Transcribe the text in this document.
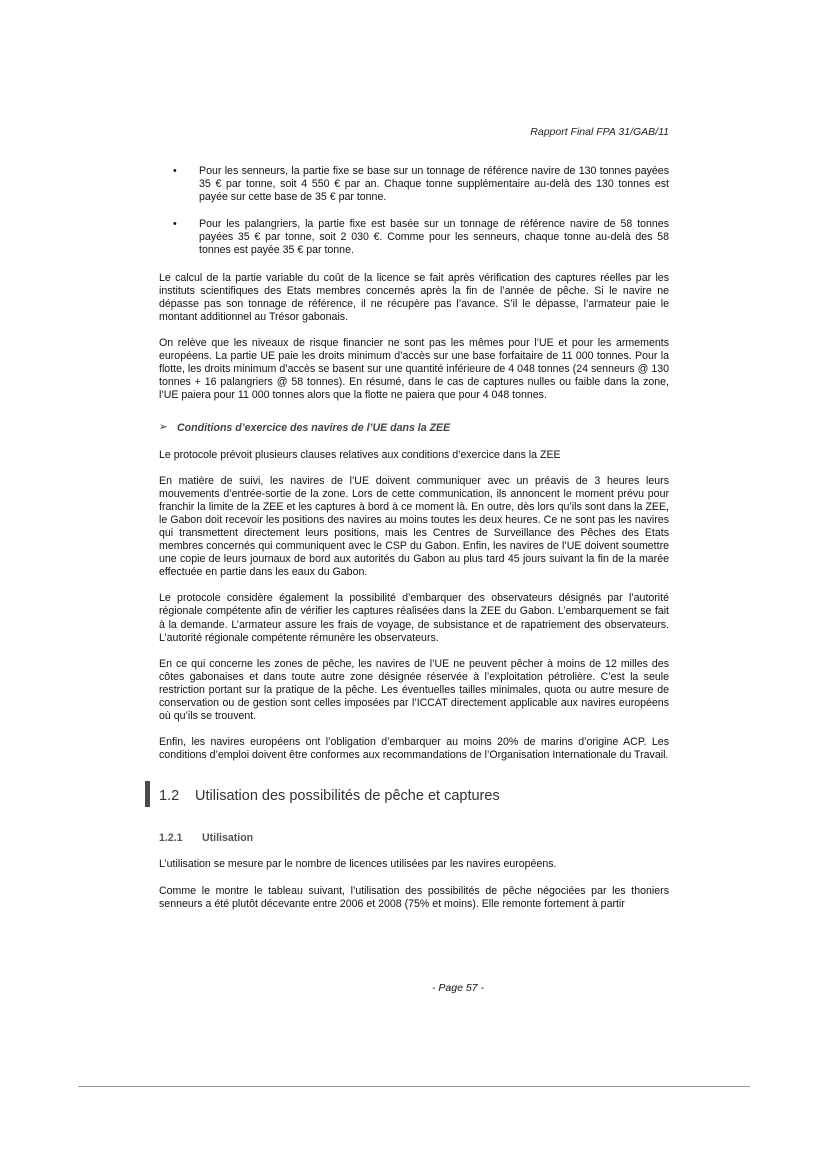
Rapport Final FPA 31/GAB/11
• Pour les senneurs, la partie fixe se base sur un tonnage de référence navire de 130 tonnes payées 35 € par tonne, soit 4 550 € par an. Chaque tonne supplémentaire au-delà des 130 tonnes est payée sur cette base de 35 € par tonne.
• Pour les palangriers, la partie fixe est basée sur un tonnage de référence navire de 58 tonnes payées 35 € par tonne, soit 2 030 €. Comme pour les senneurs, chaque tonne au-delà des 58 tonnes est payée 35 € par tonne.

Le calcul de la partie variable du coût de la licence se fait après vérification des captures réelles par les instituts scientifiques des Etats membres concernés après la fin de l’année de pêche. Si le navire ne dépasse pas son tonnage de référence, il ne récupère pas l’avance. S’il le dépasse, l’armateur paie le montant additionnel au Trésor gabonais.

On relève que les niveaux de risque financier ne sont pas les mêmes pour l’UE et pour les armements européens. La partie UE paie les droits minimum d’accès sur une base forfaitaire de 11 000 tonnes. Pour la flotte, les droits minimum d’accès se basent sur une quantité inférieure de 4 048 tonnes (24 senneurs @ 130 tonnes + 16 palangriers @ 58 tonnes). En résumé, dans le cas de captures nulles ou faible dans la zone, l’UE paiera pour 11 000 tonnes alors que la flotte ne paiera que pour 4 048 tonnes.

➢ Conditions d’exercice des navires de l’UE dans la ZEE

Le protocole prévoit plusieurs clauses relatives aux conditions d’exercice dans la ZEE

En matière de suivi, les navires de l’UE doivent communiquer avec un préavis de 3 heures leurs mouvements d’entrée-sortie de la zone. Lors de cette communication, ils annoncent le moment prévu pour franchir la limite de la ZEE et les captures à bord à ce moment là. En outre, dès lors qu’ils sont dans la ZEE, le Gabon doit recevoir les positions des navires au moins toutes les deux heures. Ce ne sont pas les navires qui transmettent directement leurs positions, mais les Centres de Surveillance des Pêches des Etats membres concernés qui communiquent avec le CSP du Gabon. Enfin, les navires de l’UE doivent soumettre une copie de leurs journaux de bord aux autorités du Gabon au plus tard 45 jours suivant la fin de la marée effectuée en partie dans les eaux du Gabon.

Le protocole considère également la possibilité d’embarquer des observateurs désignés par l’autorité régionale compétente afin de vérifier les captures réalisées dans la ZEE du Gabon. L’embarquement se fait à la demande. L’armateur assure les frais de voyage, de subsistance et de rapatriement des observateurs. L’autorité régionale compétente rémunère les observateurs.

En ce qui concerne les zones de pêche, les navires de l’UE ne peuvent pêcher à moins de 12 milles des côtes gabonaises et dans toute autre zone désignée réservée à l’exploitation pétrolière. C’est la seule restriction portant sur la pratique de la pêche. Les éventuelles tailles minimales, quota ou autre mesure de conservation ou de gestion sont celles imposées par l’ICCAT directement applicable aux navires européens où qu’ils se trouvent.

Enfin, les navires européens ont l’obligation d’embarquer au moins 20% de marins d’origine ACP. Les conditions d’emploi doivent être conformes aux recommandations de l’Organisation Internationale du Travail.

1.2 Utilisation des possibilités de pêche et captures
1.2.1 Utilisation

L’utilisation se mesure par le nombre de licences utilisées par les navires européens.

Comme le montre le tableau suivant, l’utilisation des possibilités de pêche négociées par les thoniers senneurs a été plutôt décevante entre 2006 et 2008 (75% et moins). Elle remonte fortement à partir

- Page 57 -
